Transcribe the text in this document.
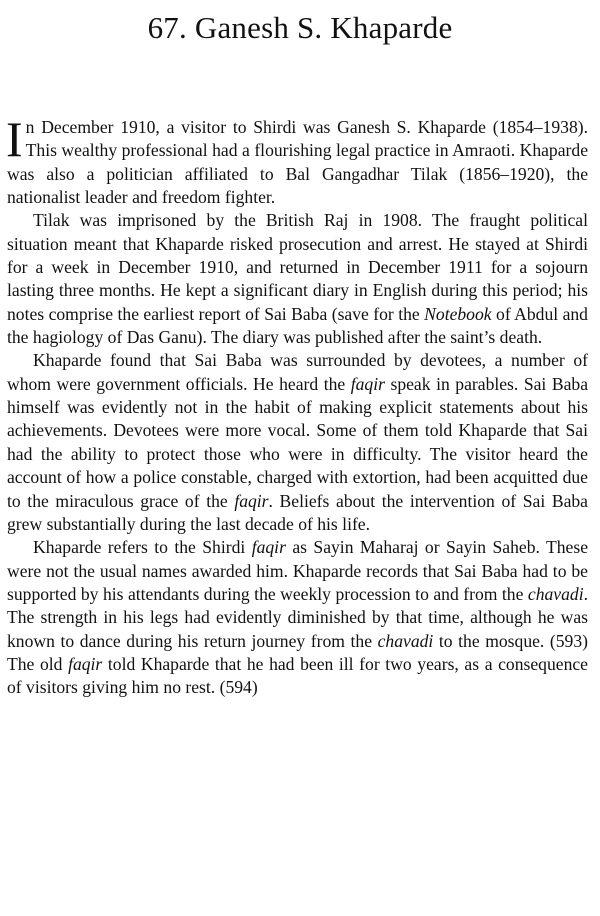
67. Ganesh S. Khaparde

In December 1910, a visitor to Shirdi was Ganesh S. Khaparde (1854–1938). This wealthy professional had a flourishing legal practice in Amraoti. Khaparde was also a politician affiliated to Bal Gangadhar Tilak (1856–1920), the nationalist leader and freedom fighter.

Tilak was imprisoned by the British Raj in 1908. The fraught political situation meant that Khaparde risked prosecution and arrest. He stayed at Shirdi for a week in December 1910, and returned in December 1911 for a sojourn lasting three months. He kept a significant diary in English during this period; his notes comprise the earliest report of Sai Baba (save for the Notebook of Abdul and the hagiology of Das Ganu). The diary was published after the saint’s death.

Khaparde found that Sai Baba was surrounded by devotees, a number of whom were government officials. He heard the faqir speak in parables. Sai Baba himself was evidently not in the habit of making explicit statements about his achievements. Devotees were more vocal. Some of them told Khaparde that Sai had the ability to protect those who were in difficulty. The visitor heard the account of how a police constable, charged with extortion, had been acquitted due to the miraculous grace of the faqir. Beliefs about the intervention of Sai Baba grew substantially during the last decade of his life.

Khaparde refers to the Shirdi faqir as Sayin Maharaj or Sayin Saheb. These were not the usual names awarded him. Khaparde records that Sai Baba had to be supported by his attendants during the weekly procession to and from the chavadi. The strength in his legs had evidently diminished by that time, although he was known to dance during his return journey from the chavadi to the mosque. (593) The old faqir told Khaparde that he had been ill for two years, as a consequence of visitors giving him no rest. (594)
